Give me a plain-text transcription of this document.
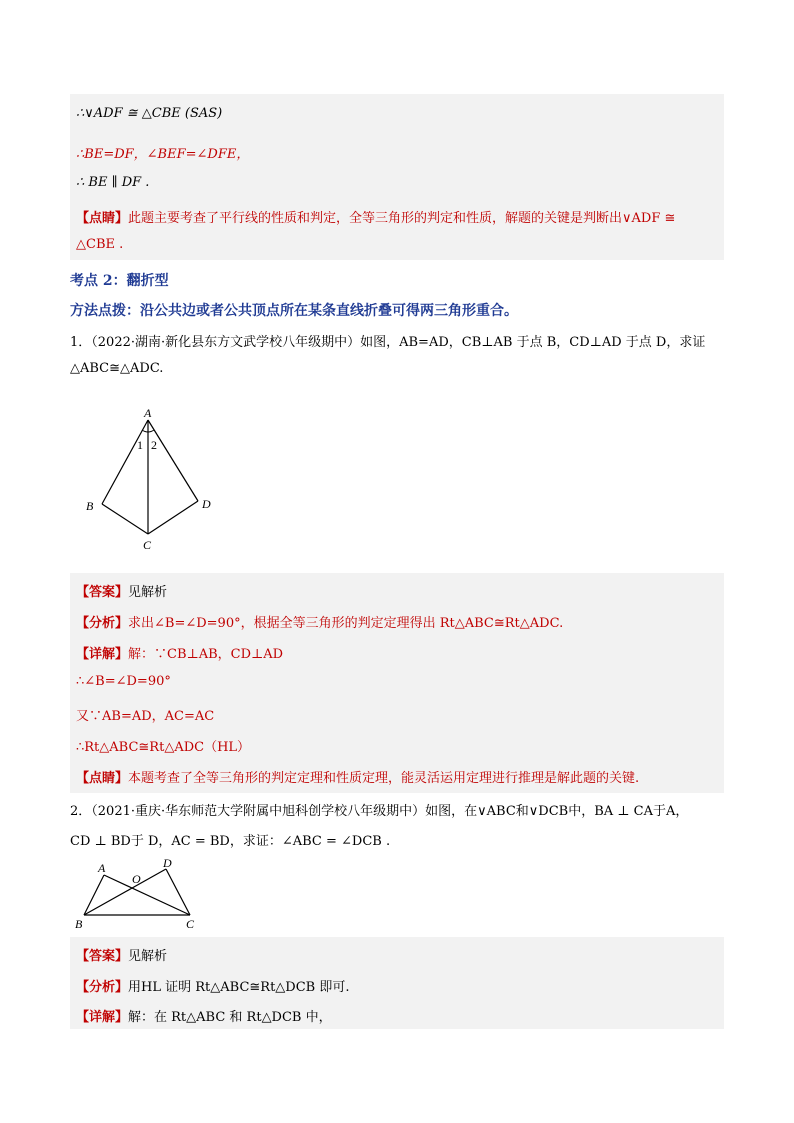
∴∨ADF ≅ △CBE (SAS)
∴BE=DF，∠BEF=∠DFE，
∴ BE ∥ DF .
【点睛】此题主要考查了平行线的性质和判定，全等三角形的判定和性质，解题的关键是判断出∨ADF ≅
△CBE .
考点 2：翻折型
方法点拨：沿公共边或者公共顶点所在某条直线折叠可得两三角形重合。
1．（2022·湖南·新化县东方文武学校八年级期中）如图，AB=AD，CB⊥AB 于点 B，CD⊥AD 于点 D，求证
△ABC≅△ADC.
A
B
C
D
1 2
【答案】见解析
【分析】求出∠B=∠D=90°，根据全等三角形的判定定理得出 Rt△ABC≅Rt△ADC.
【详解】解：∵CB⊥AB，CD⊥AD
∴∠B=∠D=90°
又∵AB=AD，AC=AC
∴Rt△ABC≅Rt△ADC（HL）
【点睛】本题考查了全等三角形的判定定理和性质定理，能灵活运用定理进行推理是解此题的关键.
2．（2021·重庆·华东师范大学附属中旭科创学校八年级期中）如图，在∨ABC和∨DCB中，BA ⊥ CA于A，
CD ⊥ BD于 D，AC = BD，求证：∠ABC = ∠DCB .
A
B	C
D
O
【答案】见解析
【分析】用HL 证明 Rt△ABC≅Rt△DCB 即可.
【详解】解：在 Rt△ABC 和 Rt△DCB 中，
